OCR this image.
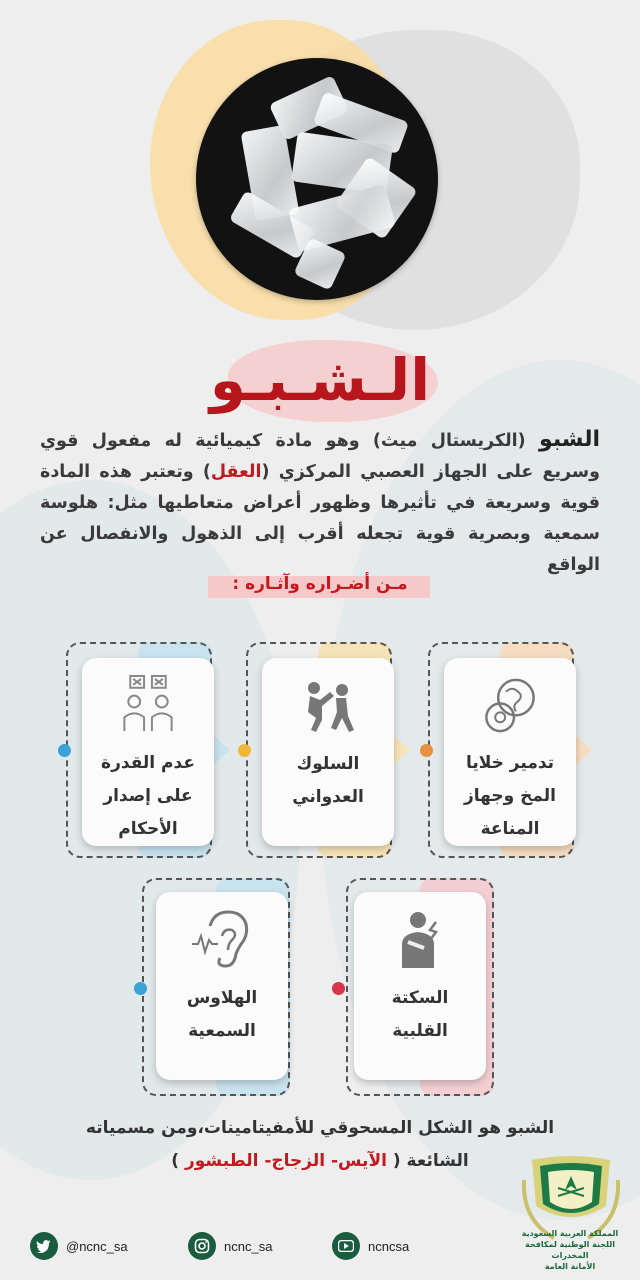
الـشـبـو

الشبو (الكريستال ميث) وهو مادة كيميائية له مفعول قوي وسريع على الجهاز العصبي المركزي (العقل) وتعتبر هذه المادة قوية وسريعة في تأثيرها وظهور أعراض متعاطيها مثل: هلوسة سمعية وبصرية قوية تجعله أقرب إلى الذهول والانفصال عن الواقع

مـن أضـراره وآثـاره :
تدمير خلايا
المخ وجهاز
المناعة
السلوك
العدواني
عدم القدرة
على إصدار
الأحكام
السكتة
القلبية
الهلاوس
السمعية
الشبو هو الشكل المسحوقي للأمفيتامينات،ومن مسمياته
الشائعة ( الآيس- الزجاج- الطبشور )
المملكة العربية السعودية
اللجنة الوطنية لمكافحة المخدرات
الأمانة العامة
@ncnc_sa	ncnc_sa	ncncsa
